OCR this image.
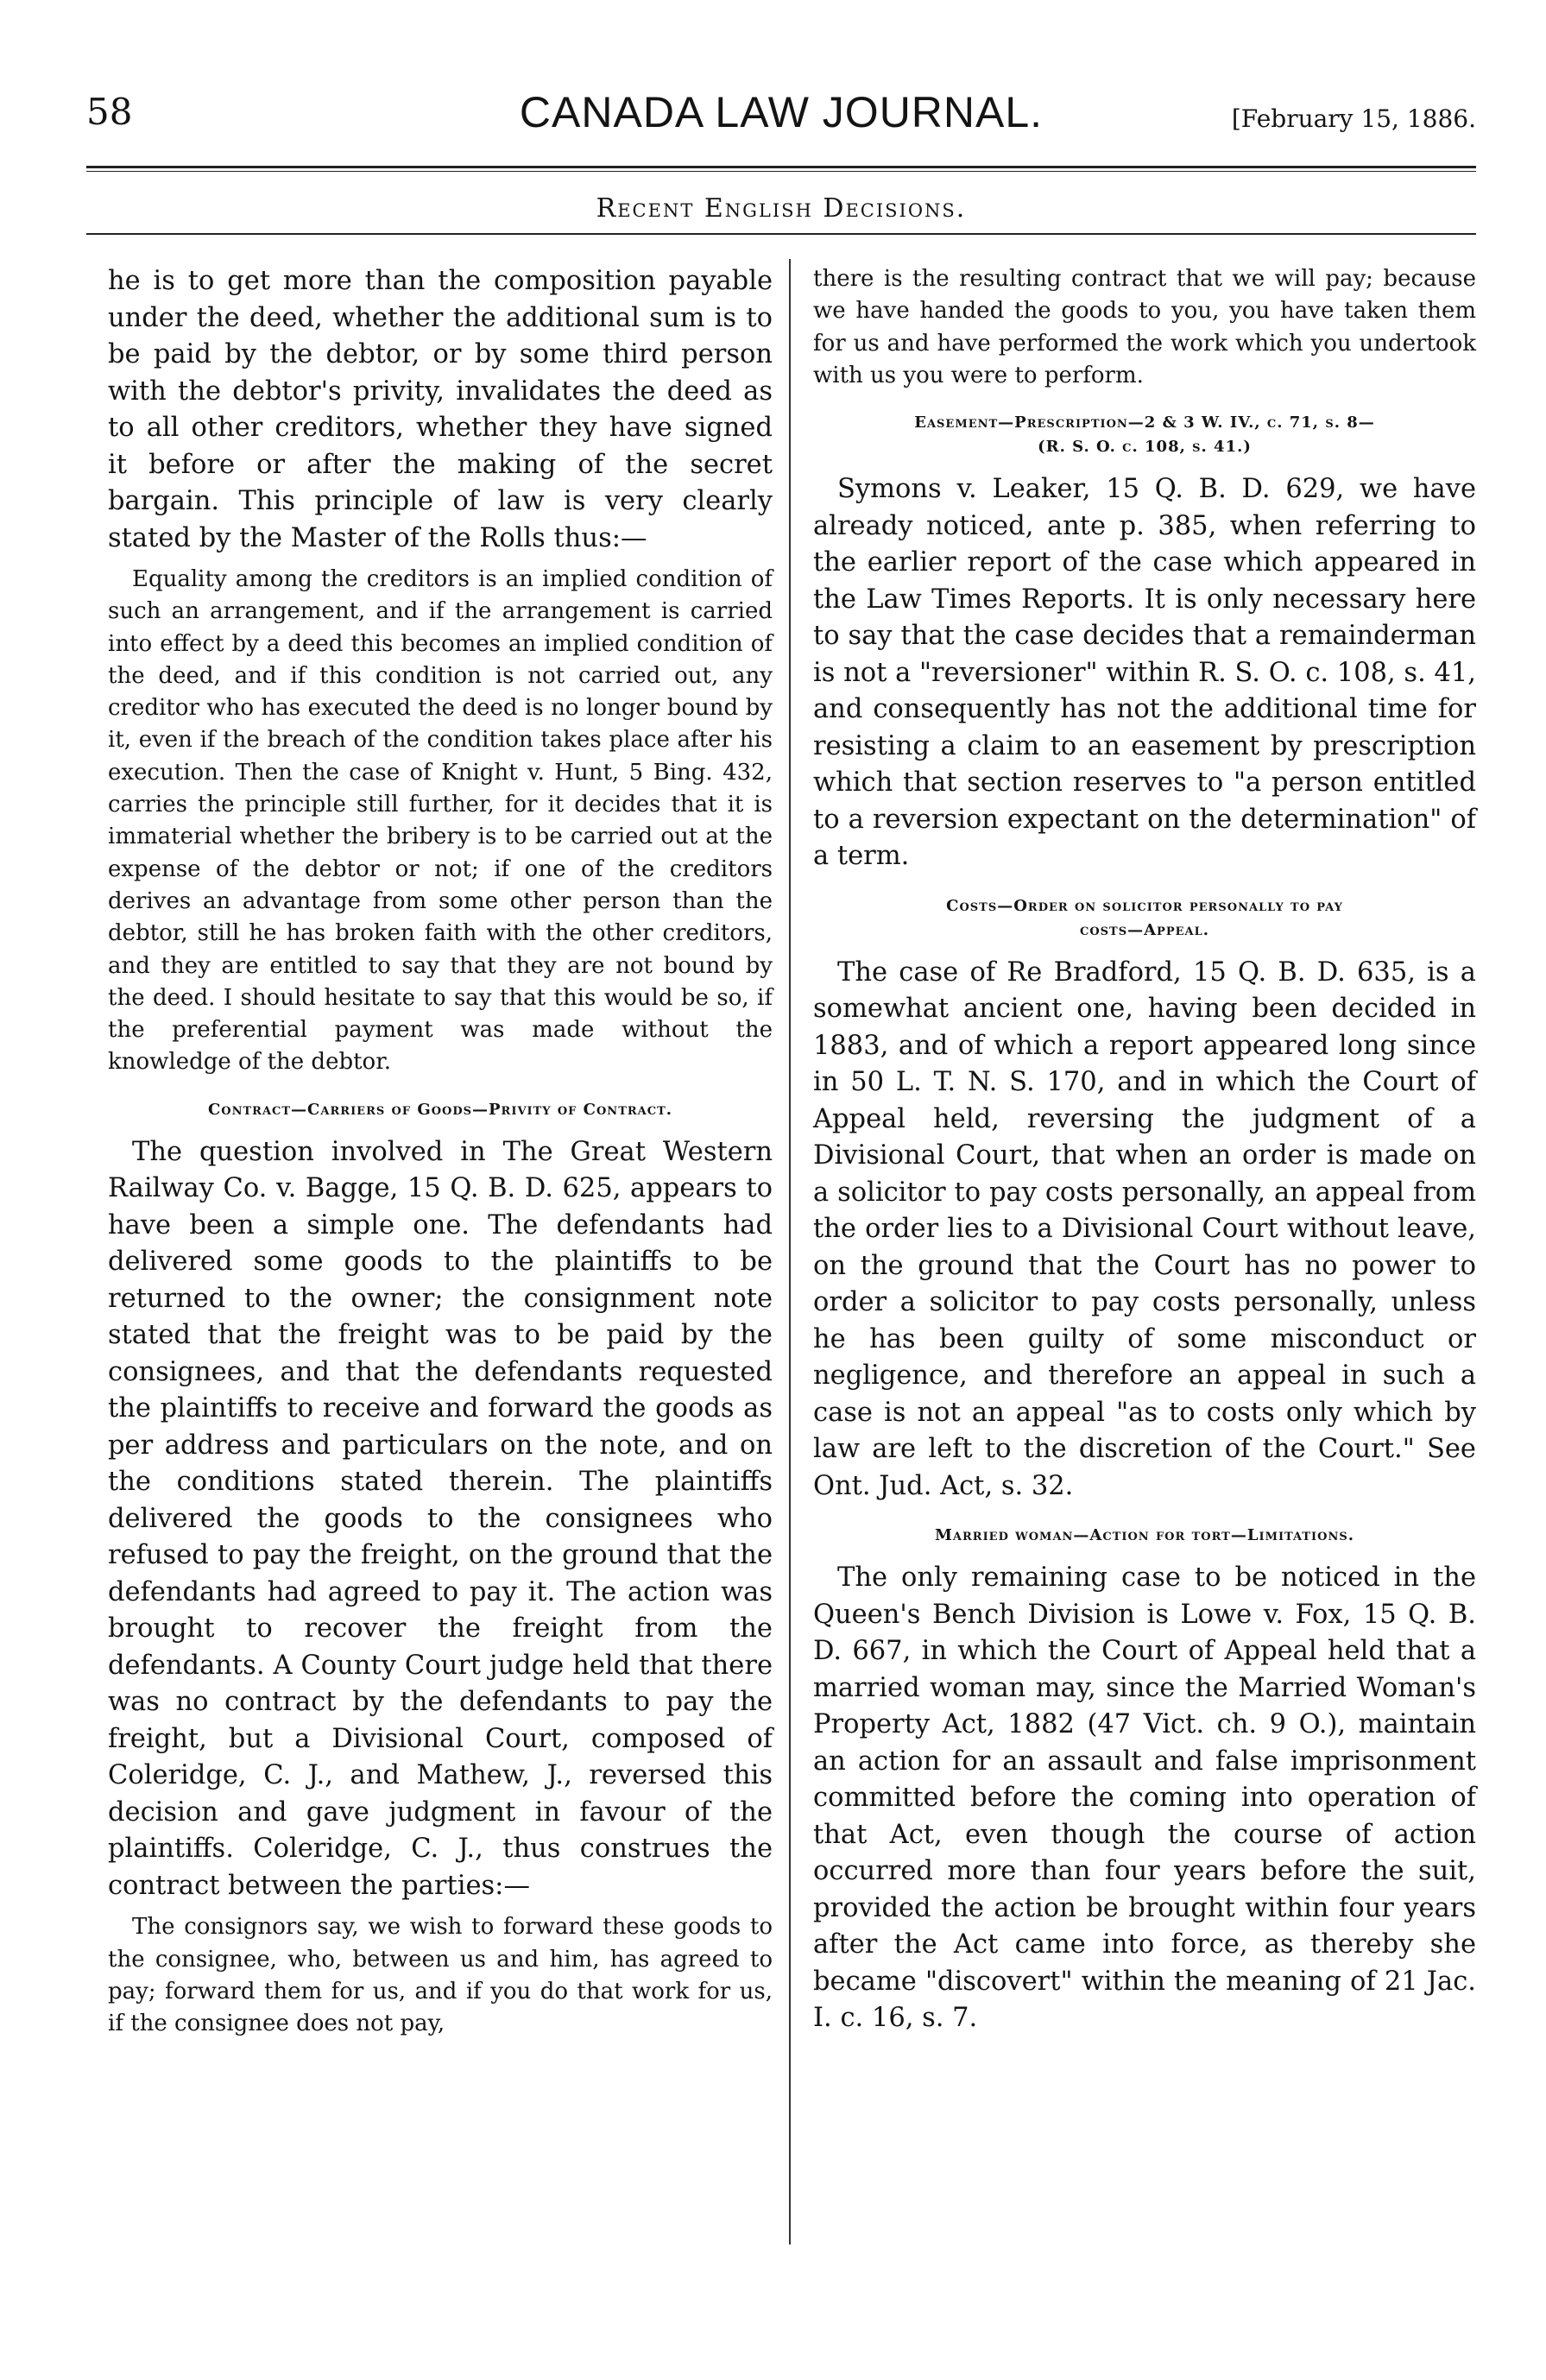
58	CANADA LAW JOURNAL.	[February 15, 1886.
Recent English Decisions.

he is to get more than the composition payable under the deed, whether the additional sum is to be paid by the debtor, or by some third person with the debtor's privity, invalidates the deed as to all other creditors, whether they have signed it before or after the making of the secret bargain. This principle of law is very clearly stated by the Master of the Rolls thus:—

Equality among the creditors is an implied condition of such an arrangement, and if the arrangement is carried into effect by a deed this becomes an implied condition of the deed, and if this condition is not carried out, any creditor who has executed the deed is no longer bound by it, even if the breach of the condition takes place after his execution. Then the case of Knight v. Hunt, 5 Bing. 432, carries the principle still further, for it decides that it is immaterial whether the bribery is to be carried out at the expense of the debtor or not; if one of the creditors derives an advantage from some other person than the debtor, still he has broken faith with the other creditors, and they are entitled to say that they are not bound by the deed. I should hesitate to say that this would be so, if the preferential payment was made without the knowledge of the debtor.

Contract—Carriers of Goods—Privity of Contract.

The question involved in The Great Western Railway Co. v. Bagge, 15 Q. B. D. 625, appears to have been a simple one. The defendants had delivered some goods to the plaintiffs to be returned to the owner; the consignment note stated that the freight was to be paid by the consignees, and that the defendants requested the plaintiffs to receive and forward the goods as per address and particulars on the note, and on the conditions stated therein. The plaintiffs delivered the goods to the consignees who refused to pay the freight, on the ground that the defendants had agreed to pay it. The action was brought to recover the freight from the defendants. A County Court judge held that there was no contract by the defendants to pay the freight, but a Divisional Court, composed of Coleridge, C. J., and Mathew, J., reversed this decision and gave judgment in favour of the plaintiffs. Coleridge, C. J., thus construes the contract between the parties:—

The consignors say, we wish to forward these goods to the consignee, who, between us and him, has agreed to pay; forward them for us, and if you do that work for us, if the consignee does not pay,

there is the resulting contract that we will pay; because we have handed the goods to you, you have taken them for us and have performed the work which you undertook with us you were to perform.

Easement—Prescription—2 & 3 W. IV., c. 71, s. 8—
(R. S. O. c. 108, s. 41.)

Symons v. Leaker, 15 Q. B. D. 629, we have already noticed, ante p. 385, when referring to the earlier report of the case which appeared in the Law Times Reports. It is only necessary here to say that the case decides that a remainderman is not a "reversioner" within R. S. O. c. 108, s. 41, and consequently has not the additional time for resisting a claim to an easement by prescription which that section reserves to "a person entitled to a reversion expectant on the determination" of a term.

Costs—Order on solicitor personally to pay
costs—Appeal.

The case of Re Bradford, 15 Q. B. D. 635, is a somewhat ancient one, having been decided in 1883, and of which a report appeared long since in 50 L. T. N. S. 170, and in which the Court of Appeal held, reversing the judgment of a Divisional Court, that when an order is made on a solicitor to pay costs personally, an appeal from the order lies to a Divisional Court without leave, on the ground that the Court has no power to order a solicitor to pay costs personally, unless he has been guilty of some misconduct or negligence, and therefore an appeal in such a case is not an appeal "as to costs only which by law are left to the discretion of the Court." See Ont. Jud. Act, s. 32.

Married woman—Action for tort—Limitations.

The only remaining case to be noticed in the Queen's Bench Division is Lowe v. Fox, 15 Q. B. D. 667, in which the Court of Appeal held that a married woman may, since the Married Woman's Property Act, 1882 (47 Vict. ch. 9 O.), maintain an action for an assault and false imprisonment committed before the coming into operation of that Act, even though the course of action occurred more than four years before the suit, provided the action be brought within four years after the Act came into force, as thereby she became "discovert" within the meaning of 21 Jac. I. c. 16, s. 7.
